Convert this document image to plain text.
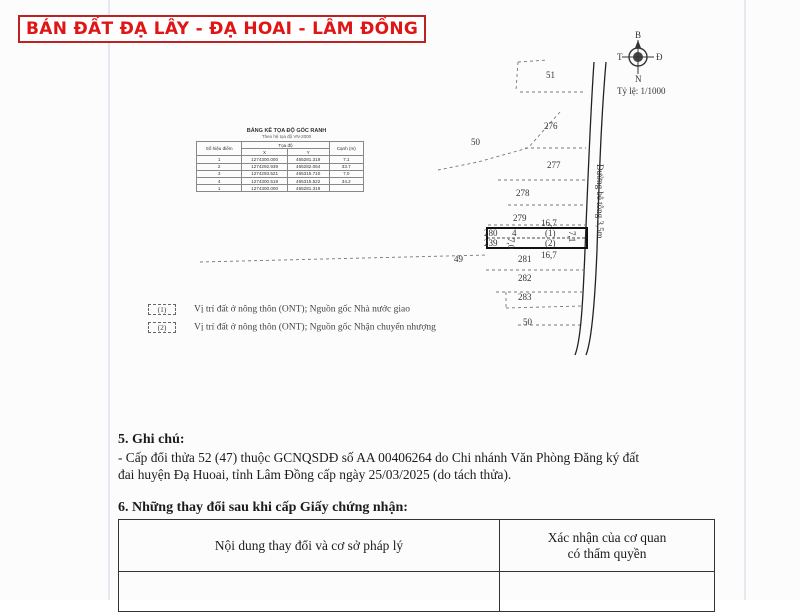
BÁN ĐẤT ĐẠ LÂY - ĐẠ HOAI - LÂM ĐỒNG
BẢNG KÊ TỌA ĐỘ GÓC RANH
Theo hệ tọa độ VN-2000
Số hiệu điểm	Tọa độ		Cạnh (m)
	X	Y	
1	1274300.000	465281.319	7.1
2	1274292.939	465282.064	33.7
3	1274293.521	465315.710	7.0
4	1274300.519	465315.522	34.2
1	1274300.000	465281.319	
B
N
T	Đ
Tỷ lệ: 1/1000
Đường bê tông 3,5m
51
276
50
277
278
279
280
239
49	281
282
283
50
16,7
16,7
4
7,0
7,1
(1)
(2)
(1)	Vị trí đất ở nông thôn (ONT); Nguồn gốc Nhà nước giao
(2)	Vị trí đất ở nông thôn (ONT); Nguồn gốc Nhận chuyển nhượng
5. Ghi chú:
- Cấp đổi thửa 52 (47) thuộc GCNQSDĐ số AA 00406264 do Chi nhánh Văn Phòng Đăng ký đất
đai huyện Đạ Huoai, tỉnh Lâm Đồng cấp ngày 25/03/2025 (do tách thửa).
6. Những thay đổi sau khi cấp Giấy chứng nhận:
Nội dung thay đổi và cơ sở pháp lý	Xác nhận của cơ quan
có thẩm quyền
